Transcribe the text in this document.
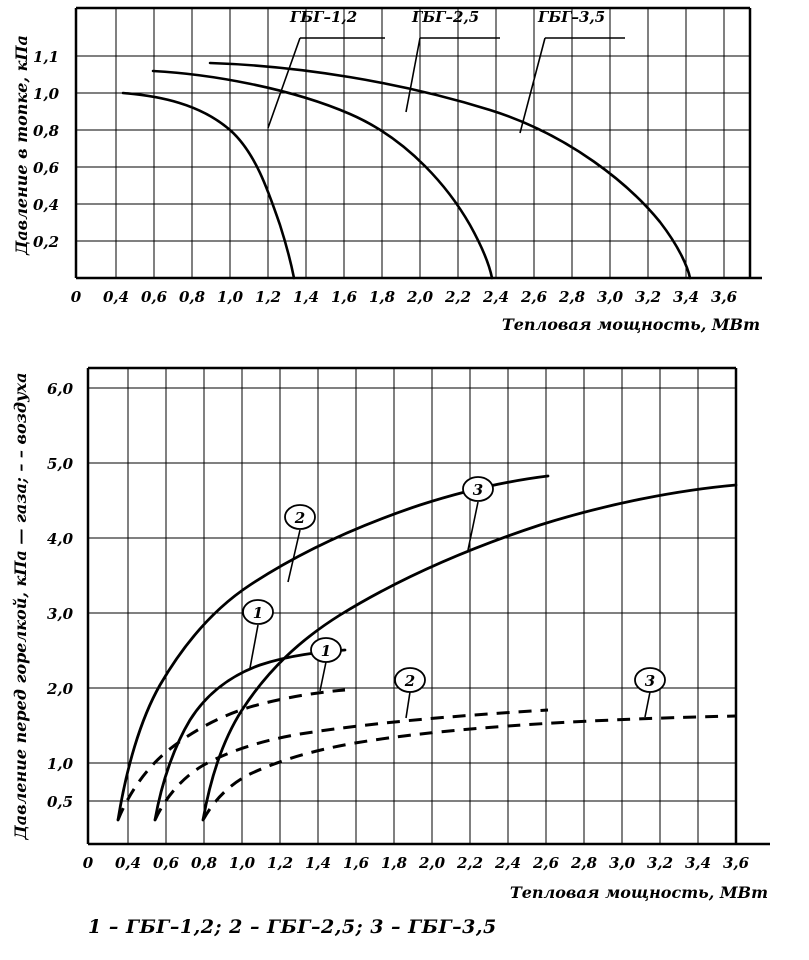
ГБГ–1,2	ГБГ–2,5	ГБГ–3,5
0,2
0,4
0,6
0,8
1,0
1,1
0 0,4 0,6 0,8 1,0 1,2 1,4 1,6 1,8 2,0 2,2 2,4 2,6 2,8 3,0 3,2 3,4 3,6
Давление в топке, кПа
Тепловая мощность, МВт
1
2
3
1
2	3
0,5
1,0
2,0
3,0
4,0
5,0
6,0
0 0,4 0,6 0,8 1,0 1,2 1,4 1,6 1,8 2,0 2,2 2,4 2,6 2,8 3,0 3,2 3,4 3,6
Давление перед горелкой, кПа — газа; – – воздуха
Тепловая мощность, МВт
1 – ГБГ–1,2; 2 – ГБГ–2,5; 3 – ГБГ–3,5
